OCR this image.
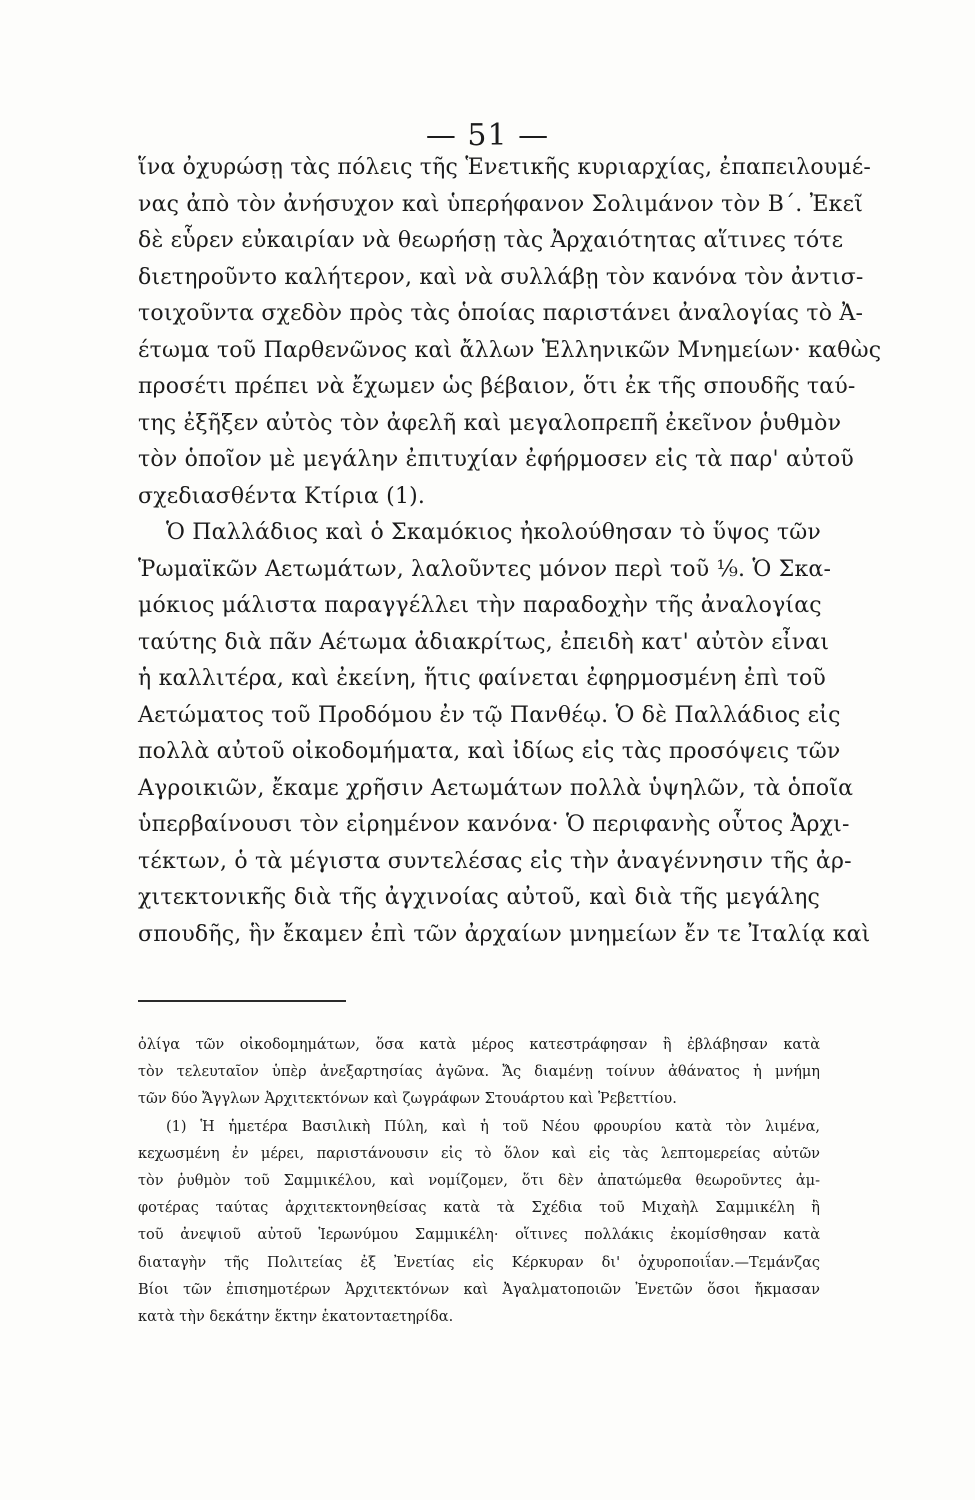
— 51 —
ἵνα ὀχυρώσῃ τὰς πόλεις τῆς Ἑνετικῆς κυριαρχίας, ἐπαπειλουμέ-
νας ἀπὸ τὸν ἀνήσυχον καὶ ὑπερήφανον Σολιμάνον τὸν Β΄. Ἐκεῖ
δὲ εὗρεν εὐκαιρίαν νὰ θεωρήσῃ τὰς Ἀρχαιότητας αἵτινες τότε
διετηροῦντο καλήτερον, καὶ νὰ συλλάβῃ τὸν κανόνα τὸν ἀντισ-
τοιχοῦντα σχεδὸν πρὸς τὰς ὁποίας παριστάνει ἀναλογίας τὸ Ἀ-
έτωμα τοῦ Παρθενῶνος καὶ ἄλλων Ἑλληνικῶν Μνημείων· καθὼς
προσέτι πρέπει νὰ ἔχωμεν ὡς βέβαιον, ὅτι ἐκ τῆς σπουδῆς ταύ-
της ἐξῆξεν αὐτὸς τὸν ἀφελῆ καὶ μεγαλοπρεπῆ ἐκεῖνον ῥυθμὸν
τὸν ὁποῖον μὲ μεγάλην ἐπιτυχίαν ἐφήρμοσεν εἰς τὰ παρ' αὐτοῦ
σχεδιασθέντα Κτίρια (1).
Ὁ Παλλάδιος καὶ ὁ Σκαμόκιος ἠκολούθησαν τὸ ὕψος τῶν
Ῥωμαϊκῶν Αετωμάτων, λαλοῦντες μόνον περὶ τοῦ ⅑. Ὁ Σκα-
μόκιος μάλιστα παραγγέλλει τὴν παραδοχὴν τῆς ἀναλογίας
ταύτης διὰ πᾶν Αέτωμα ἀδιακρίτως, ἐπειδὴ κατ' αὐτὸν εἶναι
ἡ καλλιτέρα, καὶ ἐκείνη, ἥτις φαίνεται ἐφηρμοσμένη ἐπὶ τοῦ
Αετώματος τοῦ Προδόμου ἐν τῷ Πανθέῳ. Ὁ δὲ Παλλάδιος εἰς
πολλὰ αὐτοῦ οἰκοδομήματα, καὶ ἰδίως εἰς τὰς προσόψεις τῶν
Αγροικιῶν, ἔκαμε χρῆσιν Αετωμάτων πολλὰ ὑψηλῶν, τὰ ὁποῖα
ὑπερβαίνουσι τὸν εἰρημένον κανόνα· Ὁ περιφανὴς οὗτος Ἀρχι-
τέκτων, ὁ τὰ μέγιστα συντελέσας εἰς τὴν ἀναγέννησιν τῆς ἀρ-
χιτεκτονικῆς διὰ τῆς ἀγχινοίας αὐτοῦ, καὶ διὰ τῆς μεγάλης
σπουδῆς, ἣν ἔκαμεν ἐπὶ τῶν ἀρχαίων μνημείων ἔν τε Ἰταλίᾳ καὶ
ὀλίγα τῶν οἰκοδομημάτων, ὅσα κατὰ μέρος κατεστράφησαν ἢ ἐβλάβησαν κατὰ
τὸν τελευταῖον ὑπὲρ ἀνεξαρτησίας ἀγῶνα. Ἄς διαμένῃ τοίνυν ἀθάνατος ἡ μνήμη
τῶν δύο Ἄγγλων Ἀρχιτεκτόνων καὶ ζωγράφων Στουάρτου καὶ Ῥεβεττίου.
(1) Ἡ ἡμετέρα Βασιλικὴ Πύλη, καὶ ἡ τοῦ Νέου φρουρίου κατὰ τὸν λιμένα,
κεχωσμένη ἐν μέρει, παριστάνουσιν εἰς τὸ ὅλον καὶ εἰς τὰς λεπτομερείας αὐτῶν
τὸν ῥυθμὸν τοῦ Σαμμικέλου, καὶ νομίζομεν, ὅτι δὲν ἀπατώμεθα θεωροῦντες ἀμ-
φοτέρας ταύτας ἀρχιτεκτονηθείσας κατὰ τὰ Σχέδια τοῦ Μιχαὴλ Σαμμικέλη ἢ
τοῦ ἀνεψιοῦ αὐτοῦ Ἱερωνύμου Σαμμικέλη· οἵτινες πολλάκις ἐκομίσθησαν κατὰ
διαταγὴν τῆς Πολιτείας ἐξ Ἐνετίας εἰς Κέρκυραν δι' ὀχυροποιΐαν.—Τεμάνζας
Βίοι τῶν ἐπισημοτέρων Ἀρχιτεκτόνων καὶ Ἀγαλματοποιῶν Ἐνετῶν ὅσοι ἤκμασαν
κατὰ τὴν δεκάτην ἕκτην ἑκατονταετηρίδα.
